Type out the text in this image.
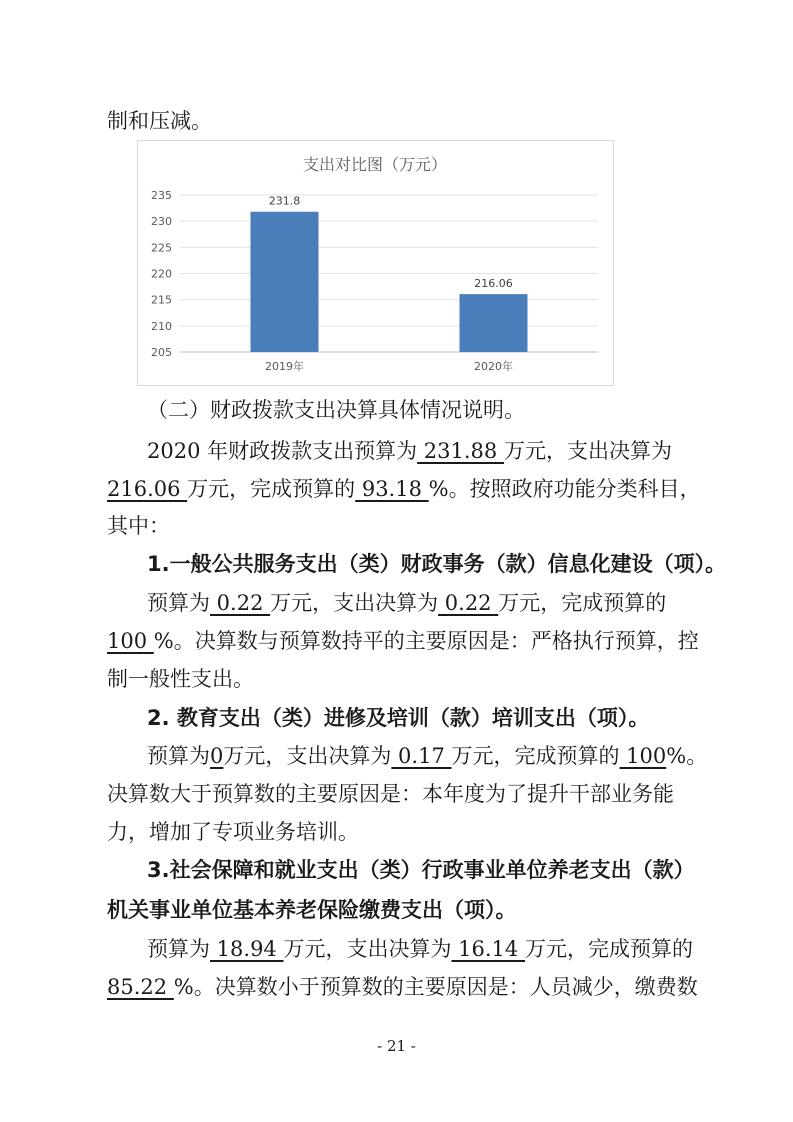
制和压减。
支出对比图（万元）
205
210
215
220
225
230
235	231.8
2019年
216.06
2020年
（二）财政拨款支出决算具体情况说明。
2020 年财政拨款支出预算为 231.88 万元，支出决算为
216.06 万元，完成预算的 93.18 %。按照政府功能分类科目，
其中：
1.一般公共服务支出（类）财政事务（款）信息化建设（项）。
预算为 0.22 万元，支出决算为 0.22 万元，完成预算的
100 %。决算数与预算数持平的主要原因是：严格执行预算，控
制一般性支出。
2. 教育支出（类）进修及培训（款）培训支出（项）。
预算为0万元，支出决算为 0.17 万元，完成预算的 100%。
决算数大于预算数的主要原因是：本年度为了提升干部业务能
力，增加了专项业务培训。
3.社会保障和就业支出（类）行政事业单位养老支出（款）
机关事业单位基本养老保险缴费支出（项）。
预算为 18.94 万元，支出决算为 16.14 万元，完成预算的
85.22 %。决算数小于预算数的主要原因是：人员减少，缴费数
- 21 -
